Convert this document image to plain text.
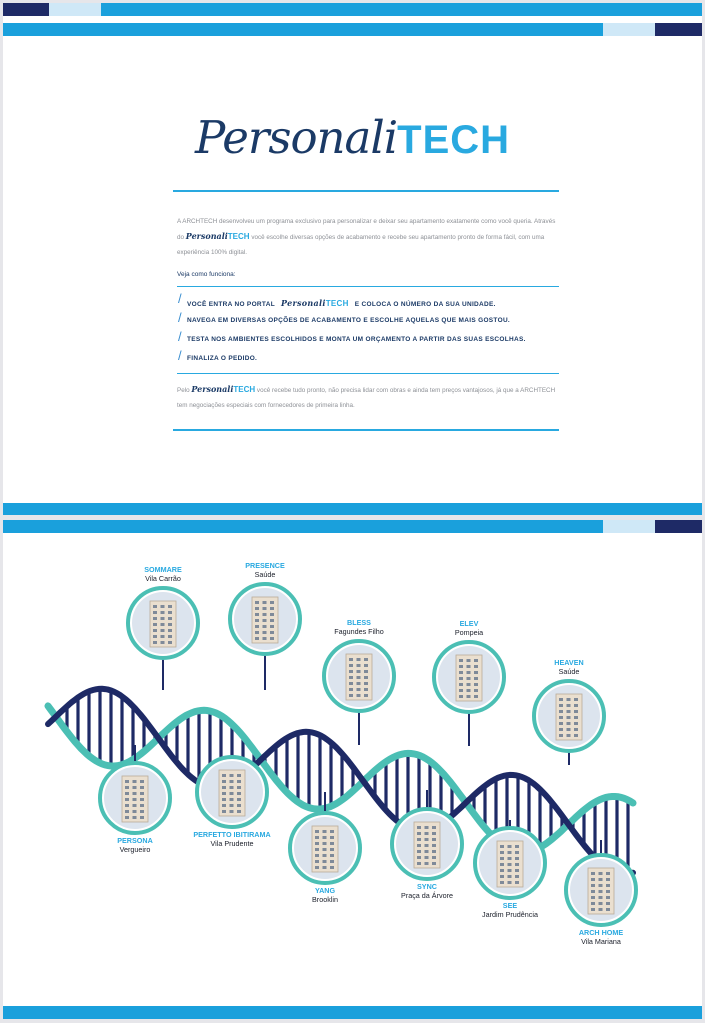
PersonaliTECH
A ARCHTECH desenvolveu um programa exclusivo para personalizar e deixar seu apartamento exatamente como você queria. Através do PersonaliTECH você escolhe diversas opções de acabamento e recebe seu apartamento pronto de forma fácil, com uma experiência 100% digital.
Veja como funciona:
/ VOCÊ ENTRA NO PORTAL PersonaliTECH E COLOCA O NÚMERO DA SUA UNIDADE.
/ NAVEGA EM DIVERSAS OPÇÕES DE ACABAMENTO E ESCOLHE AQUELAS QUE MAIS GOSTOU.
/ TESTA NOS AMBIENTES ESCOLHIDOS E MONTA UM ORÇAMENTO A PARTIR DAS SUAS ESCOLHAS.
/ FINALIZA O PEDIDO.
Pelo PersonaliTECH você recebe tudo pronto, não precisa lidar com obras e ainda tem preços vantajosos, já que a ARCHTECH tem negociações especiais com fornecedores de primeira linha.
SOMMARE
Vila Carrão
PRESENCE
Saúde
BLESS
Fagundes Filho
ELEV
Pompeia
HEAVEN
Saúde
PERSONA
Vergueiro
PERFETTO IBITIRAMA
Vila Prudente
YANG
Brooklin
SYNC
Praça da Árvore
SEE
Jardim Prudência
ARCH HOME
Vila Mariana
